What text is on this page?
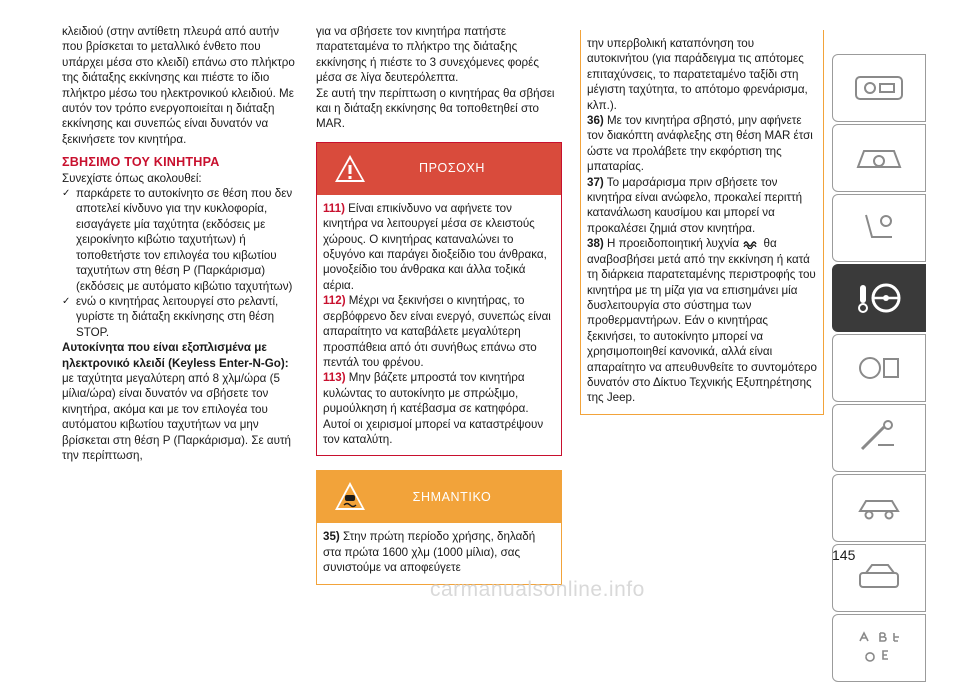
κλειδιού (στην αντίθετη πλευρά από αυτήν που βρίσκεται το μεταλλικό ένθετο που υπάρχει μέσα στο κλειδί) επάνω στο πλήκτρο της διάταξης εκκίνησης και πιέστε το ίδιο πλήκτρο μέσω του ηλεκτρονικού κλειδιού. Με αυτόν τον τρόπο ενεργοποιείται η διάταξη εκκίνησης και συνεπώς είναι δυνατόν να ξεκινήσετε τον κινητήρα.

ΣΒΗΣΙΜΟ ΤΟΥ ΚΙΝΗΤΗΡΑ

Συνεχίστε όπως ακολουθεί:

✓︎ παρκάρετε το αυτοκίνητο σε θέση που δεν αποτελεί κίνδυνο για την κυκλοφορία, εισαγάγετε μία ταχύτητα (εκδόσεις με χειροκίνητο κιβώτιο ταχυτήτων) ή τοποθετήστε τον επιλογέα του κιβωτίου ταχυτήτων στη θέση P (Παρκάρισμα) (εκδόσεις με αυτόματο κιβώτιο ταχυτήτων)
✓︎ ενώ ο κινητήρας λειτουργεί στο ρελαντί, γυρίστε τη διάταξη εκκίνησης στη θέση STOP.

Αυτοκίνητα που είναι εξοπλισμένα με ηλεκτρονικό κλειδί (Keyless Enter-N-Go): με ταχύτητα μεγαλύτερη από 8 χλμ/ώρα (5 μίλια/ώρα) είναι δυνατόν να σβήσετε τον κινητήρα, ακόμα και με τον επιλογέα του αυτόματου κιβωτίου ταχυτήτων να μην βρίσκεται στη θέση P (Παρκάρισμα). Σε αυτή την περίπτωση,

για να σβήσετε τον κινητήρα πατήστε παρατεταμένα το πλήκτρο της διάταξης εκκίνησης ή πιέστε το 3 συνεχόμενες φορές μέσα σε λίγα δευτερόλεπτα.

Σε αυτή την περίπτωση ο κινητήρας θα σβήσει και η διάταξη εκκίνησης θα τοποθετηθεί στο MAR.

ΠΡΟΣΟΧΗ

111) Είναι επικίνδυνο να αφήνετε τον κινητήρα να λειτουργεί μέσα σε κλειστούς χώρους. Ο κινητήρας καταναλώνει το οξυγόνο και παράγει διοξείδιο του άνθρακα, μονοξείδιο του άνθρακα και άλλα τοξικά αέρια.

112) Μέχρι να ξεκινήσει ο κινητήρας, το σερβόφρενο δεν είναι ενεργό, συνεπώς είναι απαραίτητο να καταβάλετε μεγαλύτερη προσπάθεια από ότι συνήθως επάνω στο πεντάλ του φρένου.

113) Μην βάζετε μπροστά τον κινητήρα κυλώντας το αυτοκίνητο με σπρώξιμο, ρυμούλκηση ή κατέβασμα σε κατηφόρα. Αυτοί οι χειρισμοί μπορεί να καταστρέψουν τον καταλύτη.

ΣΗΜΑΝΤΙΚΟ

35) Στην πρώτη περίοδο χρήσης, δηλαδή στα πρώτα 1600 χλμ (1000 μίλια), σας συνιστούμε να αποφεύγετε

την υπερβολική καταπόνηση του αυτοκινήτου (για παράδειγμα τις απότομες επιταχύνσεις, το παρατεταμένο ταξίδι στη μέγιστη ταχύτητα, το απότομο φρενάρισμα, κλπ.).

36) Με τον κινητήρα σβηστό, μην αφήνετε τον διακόπτη ανάφλεξης στη θέση MAR έτσι ώστε να προλάβετε την εκφόρτιση της μπαταρίας.

37) Το μαρσάρισμα πριν σβήσετε τον κινητήρα είναι ανώφελο, προκαλεί περιττή κατανάλωση καυσίμου και μπορεί να προκαλέσει ζημιά στον κινητήρα.

38) Η προειδοποιητική λυχνία  θα αναβοσβήσει μετά από την εκκίνηση ή κατά τη διάρκεια παρατεταμένης περιστροφής του κινητήρα με τη μίζα για να επισημάνει μία δυσλειτουργία στο σύστημα των προθερμαντήρων. Εάν ο κινητήρας ξεκινήσει, το αυτοκίνητο μπορεί να χρησιμοποιηθεί κανονικά, αλλά είναι απαραίτητο να απευθυνθείτε το συντομότερο δυνατόν στο Δίκτυο Τεχνικής Εξυπηρέτησης της Jeep.

145
carmanualsonline.info
